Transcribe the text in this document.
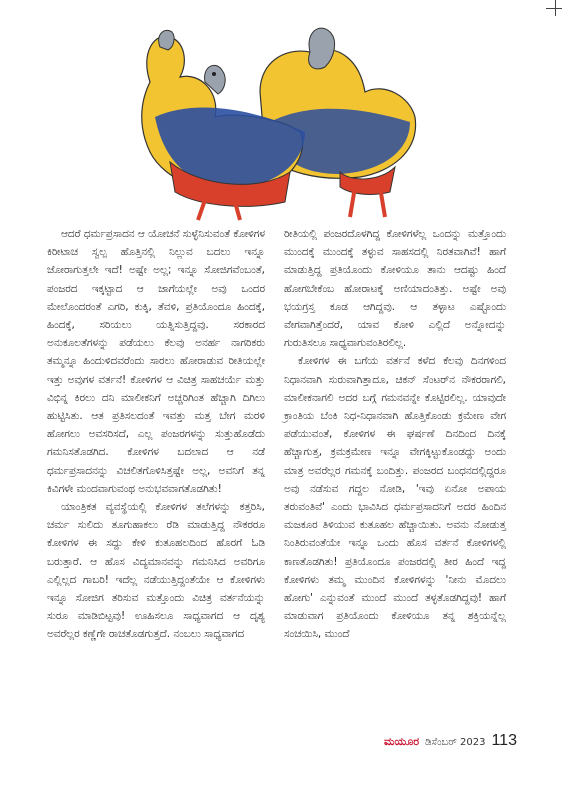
ಆದರೆ ಧರ್ಮಪ್ರಸಾದನ ಆ ಯೋಚನೆ ಸುಳ್ಳೆನಿಸುವಂತೆ ಕೋಳಿಗಳ ಕಿರೀಟಾಚ ಸ್ವಲ್ಪ ಹೊತ್ತಿನಲ್ಲಿ ನಿಲ್ಲುವ ಬದಲು ಇನ್ನೂ ಜೋರಾಗುತ್ತಲೇ ಇದೆ! ಅಷ್ಟೇ ಅಲ್ಲ; ಇನ್ನೂ ಸೋಜಿಗವೆಂಬಂತೆ, ಪಂಜರದ ಇಕ್ಕಟ್ಟಾದ ಆ ಜಾಗೆಯಲ್ಲೇ ಅವು ಒಂದರ ಮೇಲೊಂದರಂತೆ ಎಗರಿ, ಕುಕ್ಕಿ, ತೆವಳಿ, ಪ್ರತಿಯೊಂದೂ ಹಿಂದಕ್ಕೆ, ಹಿಂದಕ್ಕೆ, ಸರಿಯಲು ಯತ್ನಿಸುತ್ತಿದ್ದವು. ಸರಕಾರದ ಅನುಕೂಲತೆಗಳನ್ನು ಪಡೆಯಲು ಕೆಲವು ಅನರ್ಹ ನಾಗರಿಕರು ತಮ್ಮನ್ನೂ ಹಿಂದುಳಿದವರೆಂದು ಸಾರಲು ಹೋರಾಡುವ ರೀತಿಯಲ್ಲೇ ಇತ್ತು ಅವುಗಳ ವರ್ತನೆ! ಕೋಳಿಗಳ ಆ ವಿಚಿತ್ರ ಸಾಹಚರ್ಯೆ ಮತ್ತು ವಿಭಿನ್ನ ಕಿರಲು ದನಿ ಮಾಲೀಕನಿಗೆ ಅಚ್ಚರಿಗಿಂತ ಹೆಚ್ಚಾಗಿ ದಿಗಿಲು ಹುಟ್ಟಿಸಿತು. ಆತ ಪ್ರತಿಸಲದಂತೆ ಇವತ್ತು ಮತ್ತ ಬೇಗ ಮರಳಿ ಹೋಗಲು ಅವಸರಿಸದೆ, ಎಲ್ಲ ಪಂಜರಗಳನ್ನು ಸುತ್ತುಹೊಡೆದು ಗಮನಿಸತೊಡಗಿದ. ಕೋಳಿಗಳ ಬದಲಾದ ಆ ನಡೆ ಧರ್ಮಪ್ರಸಾದನನ್ನು ವಿಚಲಿತಗೊಳಿಸಿತ್ತಷ್ಟೇ ಅಲ್ಲ, ಅವನಿಗೆ ತನ್ನ ಕಿವಿಗಳೇ ಮಂದವಾಗುವಂಥ ಅನುಭವವಾಗತೊಡಗಿತು!

ಯಾಂತ್ರಿಕತ ವ್ಯವಸ್ಥೆಯಲ್ಲಿ ಕೋಳಿಗಳ ತಲೆಗಳನ್ನು ಕತ್ತರಿಸಿ, ಚರ್ಮ ಸುಲಿದು ತೂಗುಹಾಕಲು ರೆಡಿ ಮಾಡುತ್ತಿದ್ದ ನೌಕರರೂ ಕೋಳಿಗಳ ಈ ಸದ್ದು ಕೇಳಿ ಕುತೂಹಲದಿಂದ ಹೊರಗೆ ಓಡಿ ಬರುತ್ತಾರೆ. ಆ ಹೊಸ ವಿದ್ಯಮಾನವನ್ನು ಗಮನಿಸಿದ ಅವರಿಗೂ ಎಲ್ಲಿಲ್ಲದ ಗಾಬರಿ! ಇದೆಲ್ಲ ನಡೆಯುತ್ತಿದ್ದಂತೆಯೇ ಆ ಕೋಳಿಗಳು ಇನ್ನೂ ಸೋಜಿಗ ತರಿಸುವ ಮತ್ತೊಂದು ವಿಚಿತ್ರ ವರ್ತನೆಯನ್ನು ಸುರೂ ಮಾಡಿಬಿಟ್ಟವು! ಊಹಿಸಲೂ ಸಾಧ್ಯವಾಗದ ಆ ದೃಶ್ಯ ಅವರೆಲ್ಲರ ಕಣ್ಣೆಗೇ ರಾಚತೊಡಗುತ್ತದೆ. ನಂಬಲು ಸಾಧ್ಯವಾಗದ

ರೀತಿಯಲ್ಲಿ ಪಂಜರದೊಳಗಿದ್ದ ಕೋಳಿಗಳೆಲ್ಲ ಒಂದನ್ನು ಮತ್ತೊಂದು ಮುಂದಕ್ಕೆ ಮುಂದಕ್ಕೆ ತಳ್ಳುವ ಸಾಹಸದಲ್ಲಿ ನಿರತವಾಗಿವೆ! ಹಾಗೆ ಮಾಡುತ್ತಿದ್ದ ಪ್ರತಿಯೊಂದು ಕೋಳಿಯೂ ತಾನು ಆದಷ್ಟು ಹಿಂದೆ ಹೋಗಬೇಕೆಂಬ ಹೋರಾಟಕ್ಕೆ ಅಣಿಯಾದಂತಿತ್ತು. ಅಷ್ಟೇ ಅವು ಭಯಗ್ರಸ್ತ ಕೂಡ ಆಗಿದ್ದವು. ಆ ತಳ್ಳಾಟ ಎಷ್ಟೊಂದು ವೇಗವಾಗಿತ್ತೆಂದರೆ, ಯಾವ ಕೋಳಿ ಎಲ್ಲಿದೆ ಅನ್ನೋದನ್ನು ಗುರುತಿಸಲೂ ಸಾಧ್ಯವಾಗುವಂತಿರಲಿಲ್ಲ.

ಕೋಳಿಗಳ ಈ ಬಗೆಯ ವರ್ತನೆ ಕಳೆದ ಕೆಲವು ದಿನಗಳಿಂದ ನಿಧಾನವಾಗಿ ಸುರುವಾಗಿತ್ತಾದೂ, ಚಿಕನ್ ಸೆಂಟರ್‌ನ ನೌಕರರಾಗಲಿ, ಮಾಲೀಕನಾಗಲಿ ಅದರ ಬಗ್ಗೆ ಗಮನವನ್ನೇ ಕೊಟ್ಟಿರಲಿಲ್ಲ. ಯಾವುದೇ ಕ್ರಾಂತಿಯ ಬೆಂಕಿ ನಿಧ-ನಿಧಾನವಾಗಿ ಹೊತ್ತಿಕೊಂಡು ಕ್ರಮೇಣ ವೇಗ ಪಡೆಯುವಂತೆ, ಕೋಳಿಗಳ ಈ ಘರ್ಷಣೆ ದಿನದಿಂದ ದಿನಕ್ಕೆ ಹೆಚ್ಚಾಗುತ್ತ, ಕ್ರಮಕ್ರಮೇಣ ಇನ್ನೂ ವೇಗಕ್ಕಿಟ್ಟುಕೊಂಡದ್ದು ಅಂದು ಮಾತ್ರ ಅವರೆಲ್ಲರ ಗಮನಕ್ಕೆ ಬಂದಿತ್ತು. ಪಂಜರದ ಬಂಧನದಲ್ಲಿದ್ದರೂ ಅವು ನಡೆಸುವ ಗದ್ದಲ ನೋಡಿ, 'ಇವು ಏನೋ ಅಪಾಯ ತರುವಂತಿವೆ' ಎಂದು ಭಾವಿಸಿದ ಧರ್ಮಪ್ರಸಾದನಿಗೆ ಅದರ ಹಿಂದಿನ ಮಜಕೂರ ತಿಳಿಯುವ ಕುತೂಹಲ ಹೆಚ್ಚಾಯಿತು. ಅವನು ನೋಡುತ್ತ ನಿಂತಿರುವಂತೆಯೇ ಇನ್ನೂ ಒಂದು ಹೊಸ ವರ್ತನೆ ಕೋಳಿಗಳಲ್ಲಿ ಕಾಣತೊಡಗಿತು! ಪ್ರತಿಯೊಂದೂ ಪಂಜರದಲ್ಲಿ ತೀರ ಹಿಂದೆ ಇದ್ದ ಕೋಳಿಗಳು ತಮ್ಮ ಮುಂದಿನ ಕೋಳಿಗಳನ್ನು 'ನೀನು ಮೊದಲು ಹೋಗು' ಎನ್ನುವಂತೆ ಮುಂದೆ ಮುಂದೆ ತಳ್ಳತೊಡಗಿದ್ದವು! ಹಾಗೆ ಮಾಡುವಾಗ ಪ್ರತಿಯೊಂದು ಕೋಳಿಯೂ ತನ್ನ ಶಕ್ತಿಯನ್ನೆಲ್ಲ ಸಂಚಯಿಸಿ, ಮುಂದೆ

ಮಯೂರ ಡಿಸೆಂಬರ್ 2023 113
